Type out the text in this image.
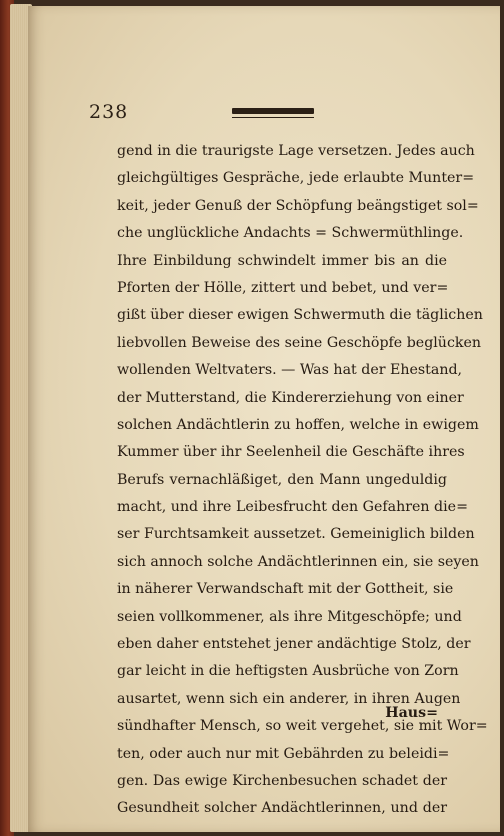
238
gend in die traurigste Lage versetzen. Jedes auch
gleichgültiges Gespräche, jede erlaubte Munter=
keit, jeder Genuß der Schöpfung beängstiget sol=
che unglückliche Andachts = Schwermüthlinge.
Ihre Einbildung schwindelt immer bis an die
Pforten der Hölle, zittert und bebet, und ver=
gißt über dieser ewigen Schwermuth die täglichen
liebvollen Beweise des seine Geschöpfe beglücken
wollenden Weltvaters. — Was hat der Ehestand,
der Mutterstand, die Kindererziehung von einer
solchen Andächtlerin zu hoffen, welche in ewigem
Kummer über ihr Seelenheil die Geschäfte ihres
Berufs vernachläßiget, den Mann ungeduldig
macht, und ihre Leibesfrucht den Gefahren die=
ser Furchtsamkeit aussetzet. Gemeiniglich bilden
sich annoch solche Andächtlerinnen ein, sie seyen
in näherer Verwandschaft mit der Gottheit, sie
seien vollkommener, als ihre Mitgeschöpfe; und
eben daher entstehet jener andächtige Stolz, der
gar leicht in die heftigsten Ausbrüche von Zorn
ausartet, wenn sich ein anderer, in ihren Augen
sündhafter Mensch, so weit vergehet, sie mit Wor=
ten, oder auch nur mit Gebährden zu beleidi=
gen. Das ewige Kirchenbesuchen schadet der
Gesundheit solcher Andächtlerinnen, und der
Haus=
